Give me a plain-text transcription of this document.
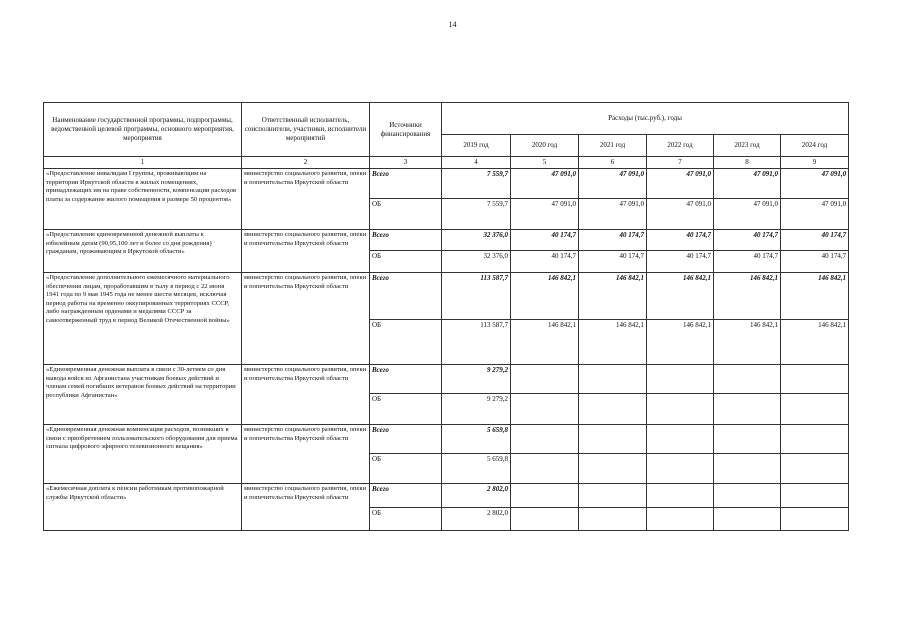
14
Наименование государственной программы, подпрограммы, ведомственной целевой программы, основного мероприятия, мероприятия	Ответственный исполнитель, соисполнители, участники, исполнители мероприятий	Источники финансирования	Расходы (тыс.руб.), годы					
			2019 год	2020 год	2021 год	2022 год	2023 год	2024 год
1	2	3	4	5	6	7	8	9
«Предоставление инвалидам I группы, проживающим на территории Иркутской области в жилых помещениях, принадлежащих им на праве собственности, компенсации расходов платы за содержание жилого помещения в размере 50 процентов»	министерство социального развития, опеки и попечительства Иркутской области	Всего	7 559,7	47 091,0	47 091,0	47 091,0	47 091,0	47 091,0
		ОБ	7 559,7	47 091,0	47 091,0	47 091,0	47 091,0	47 091,0
«Предоставление единовременной денежной выплаты к юбилейным датам (90,95,100 лет и более со дня рождения) гражданам, проживающим в Иркутской области»	министерство социального развития, опеки и попечительства Иркутской области	Всего	32 376,0	40 174,7	40 174,7	40 174,7	40 174,7	40 174,7
		ОБ	32 376,0	40 174,7	40 174,7	40 174,7	40 174,7	40 174,7
«Предоставление дополнительного ежемесячного материального обеспечения лицам, проработавшим в тылу в период с 22 июня 1941 года по 9 мая 1945 года не менее шести месяцев, исключая период работы на временно оккупированных территориях СССР, либо награжденным орденами и медалями СССР за самоотверженный труд в период Великой Отечественной войны»	министерство социального развития, опеки и попечительства Иркутской области	Всего	113 587,7	146 842,1	146 842,1	146 842,1	146 842,1	146 842,1
		ОБ	113 587,7	146 842,1	146 842,1	146 842,1	146 842,1	146 842,1
«Единовременная денежная выплата в связи с 30-летием со дня вывода войск из Афганистана участникам боевых действий и членам семей погибших ветеранов боевых действий на территории республики Афганистан»	министерство социального развития, опеки и попечительства Иркутской области	Всего	9 279,2					
		ОБ	9 279,2					
«Единовременная денежная компенсация расходов, возникших в связи с приобретением пользовательского оборудования для приема сигнала цифрового эфирного телевизионного вещания»	министерство социального развития, опеки и попечительства Иркутской области	Всего	5 659,8					
		ОБ	5 659,8					
«Ежемесячная доплата к пенсии работникам противопожарной службы Иркутской области»	министерство социального развития, опеки и попечительства Иркутской области	Всего	2 802,0					
		ОБ	2 802,0					
